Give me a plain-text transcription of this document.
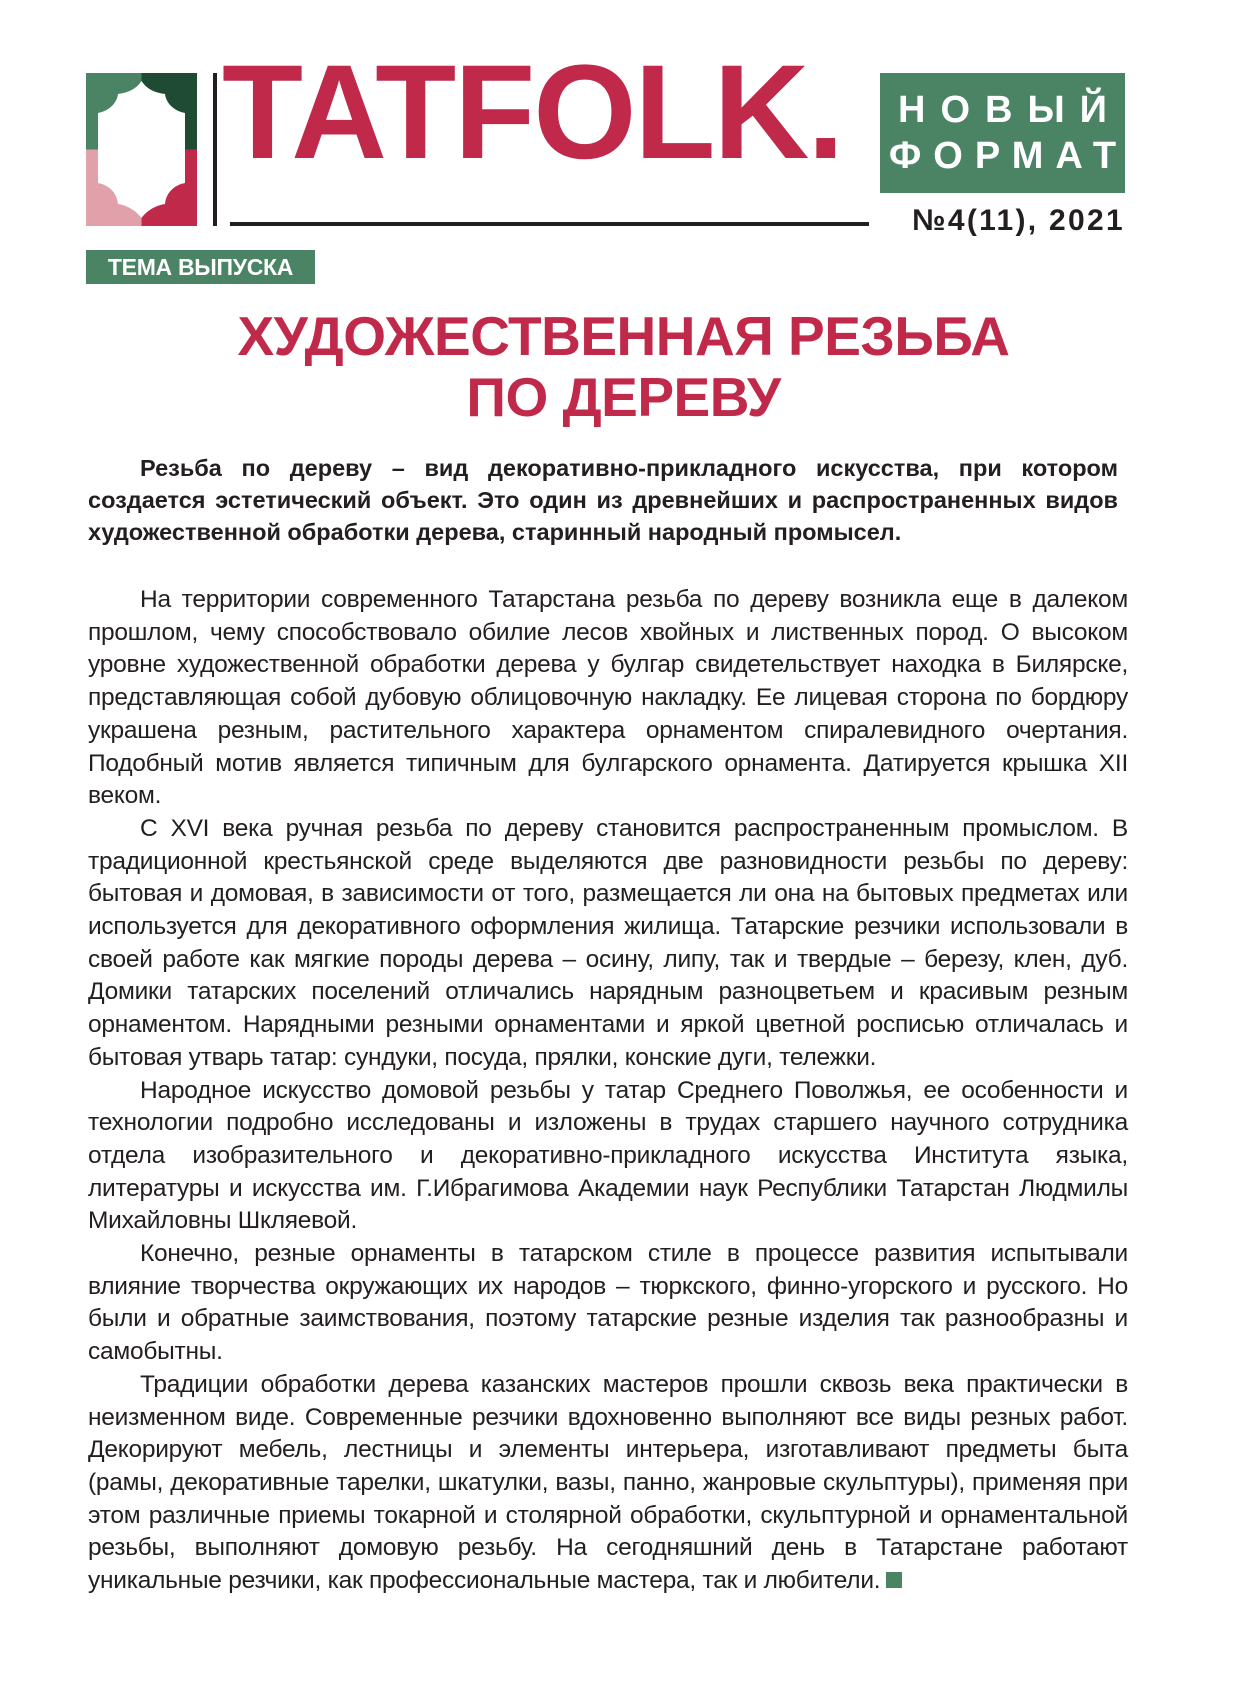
TATFOLK.	НОВЫЙ
ФОРМАТ
№4(11), 2021
ТЕМА ВЫПУСКА
ХУДОЖЕСТВЕННАЯ РЕЗЬБА
ПО ДЕРЕВУ
Резьба по дереву – вид декоративно-прикладного искусства, при котором создается эстетический объект. Это один из древнейших и распространенных видов художественной обработки дерева, старинный народный промысел.

На территории современного Татарстана резьба по дереву возникла еще в далеком прошлом, чему способствовало обилие лесов хвойных и лиственных пород. О высоком уровне художественной обработки дерева у булгар свидетельствует находка в Билярске, представляющая собой дубовую облицовочную накладку. Ее лицевая сторона по бордюру украшена резным, растительного характера орнаментом спиралевидного очертания. Подобный мотив является типичным для булгарского орнамента. Датируется крышка XII веком.

С XVI века ручная резьба по дереву становится распространенным промыслом. В традиционной крестьянской среде выделяются две разновидности резьбы по дереву: бытовая и домовая, в зависимости от того, размещается ли она на бытовых предметах или используется для декоративного оформления жилища. Татарские резчики использовали в своей работе как мягкие породы дерева – осину, липу, так и твердые – березу, клен, дуб. Домики татарских поселений отличались нарядным разноцветьем и красивым резным орнаментом. Нарядными резными орнаментами и яркой цветной росписью отличалась и бытовая утварь татар: сундуки, посуда, прялки, конские дуги, тележки.

Народное искусство домовой резьбы у татар Среднего Поволжья, ее особенности и технологии подробно исследованы и изложены в трудах старшего научного сотрудника отдела изобразительного и декоративно-прикладного искусства Института языка, литературы и искусства им. Г.Ибрагимова Академии наук Республики Татарстан Людмилы Михайловны Шкляевой.

Конечно, резные орнаменты в татарском стиле в процессе развития испытывали влияние творчества окружающих их народов – тюркского, финно-угорского и русского. Но были и обратные заимствования, поэтому татарские резные изделия так разнообразны и самобытны.

Традиции обработки дерева казанских мастеров прошли сквозь века практически в неизменном виде. Современные резчики вдохновенно выполняют все виды резных работ. Декорируют мебель, лестницы и элементы интерьера, изготавливают предметы быта (рамы, декоративные тарелки, шкатулки, вазы, панно, жанровые скульптуры), применяя при этом различные приемы токарной и столярной обработки, скульптурной и орнаментальной резьбы, выполняют домовую резьбу. На сегодняшний день в Татарстане работают уникальные резчики, как профессиональные мастера, так и любители.
